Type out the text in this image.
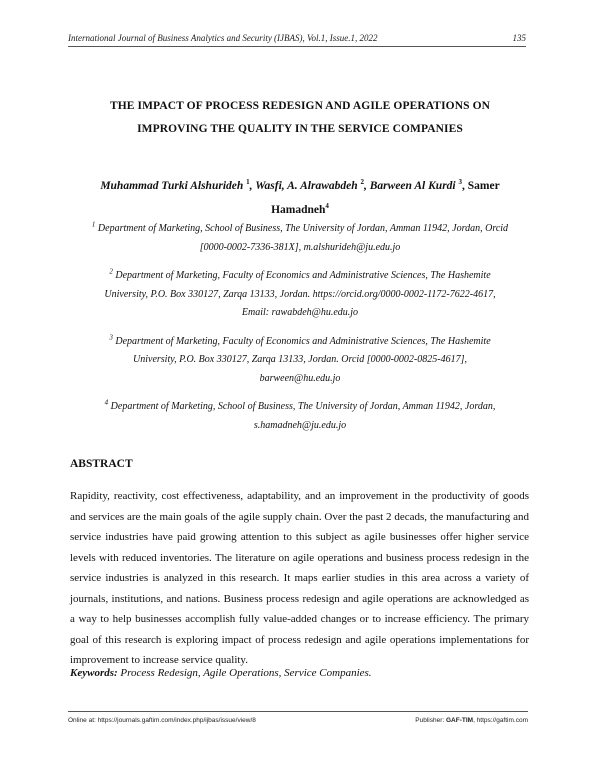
International Journal of Business Analytics and Security (IJBAS), Vol.1, Issue.1, 2022	135
THE IMPACT OF PROCESS REDESIGN AND AGILE OPERATIONS ON
IMPROVING THE QUALITY IN THE SERVICE COMPANIES
Muhammad Turki Alshurideh $^1$, Wasfi, A. Alrawabdeh $^2$, Barween Al Kurdi $^3$, Samer Hamadneh$^4$
$^1$ Department of Marketing, School of Business, The University of Jordan, Amman 11942, Jordan, Orcid
[0000-0002-7336-381X], m.alshurideh@ju.edu.jo
$^2$ Department of Marketing, Faculty of Economics and Administrative Sciences, The Hashemite
University, P.O. Box 330127, Zarqa 13133, Jordan. https://orcid.org/0000-0002-1172-7622-4617,
Email: rawabdeh@hu.edu.jo
$^3$ Department of Marketing, Faculty of Economics and Administrative Sciences, The Hashemite
University, P.O. Box 330127, Zarqa 13133, Jordan. Orcid [0000-0002-0825-4617],
barween@hu.edu.jo
$^4$ Department of Marketing, School of Business, The University of Jordan, Amman 11942, Jordan,
s.hamadneh@ju.edu.jo
ABSTRACT
Rapidity, reactivity, cost effectiveness, adaptability, and an improvement in the productivity of goods and services are the main goals of the agile supply chain. Over the past 2 decads, the manufacturing and service industries have paid growing attention to this subject as agile businesses offer higher service levels with reduced inventories. The literature on agile operations and business process redesign in the service industries is analyzed in this research. It maps earlier studies in this area across a variety of journals, institutions, and nations. Business process redesign and agile operations are acknowledged as a way to help businesses accomplish fully value-added changes or to increase efficiency. The primary goal of this research is exploring impact of process redesign and agile operations implementations for improvement to increase service quality.
Keywords: Process Redesign, Agile Operations, Service Companies.
Online at: https://journals.gaftim.com/index.php/ijbas/issue/view/8	Publisher: GAF-TIM, https://gaftim.com
